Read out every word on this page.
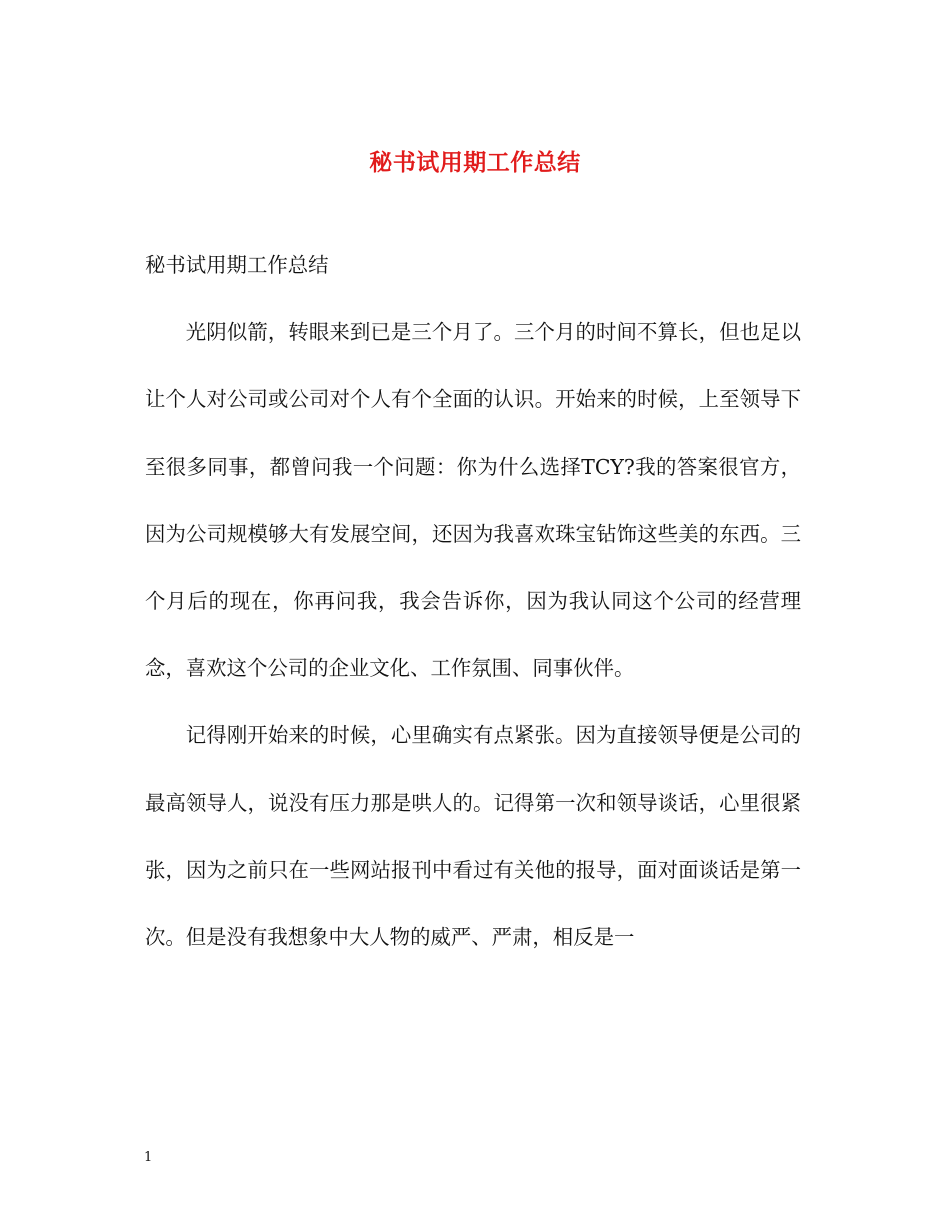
秘书试用期工作总结

秘书试用期工作总结

光阴似箭，转眼来到已是三个月了。三个月的时间不算长，但也足以让个人对公司或公司对个人有个全面的认识。开始来的时候，上至领导下至很多同事，都曾问我一个问题：你为什么选择TCY?我的答案很官方，因为公司规模够大有发展空间，还因为我喜欢珠宝钻饰这些美的东西。三个月后的现在，你再问我，我会告诉你，因为我认同这个公司的经营理念，喜欢这个公司的企业文化、工作氛围、同事伙伴。

记得刚开始来的时候，心里确实有点紧张。因为直接领导便是公司的最高领导人，说没有压力那是哄人的。记得第一次和领导谈话，心里很紧张，因为之前只在一些网站报刊中看过有关他的报导，面对面谈话是第一次。但是没有我想象中大人物的威严、严肃，相反是一

1
